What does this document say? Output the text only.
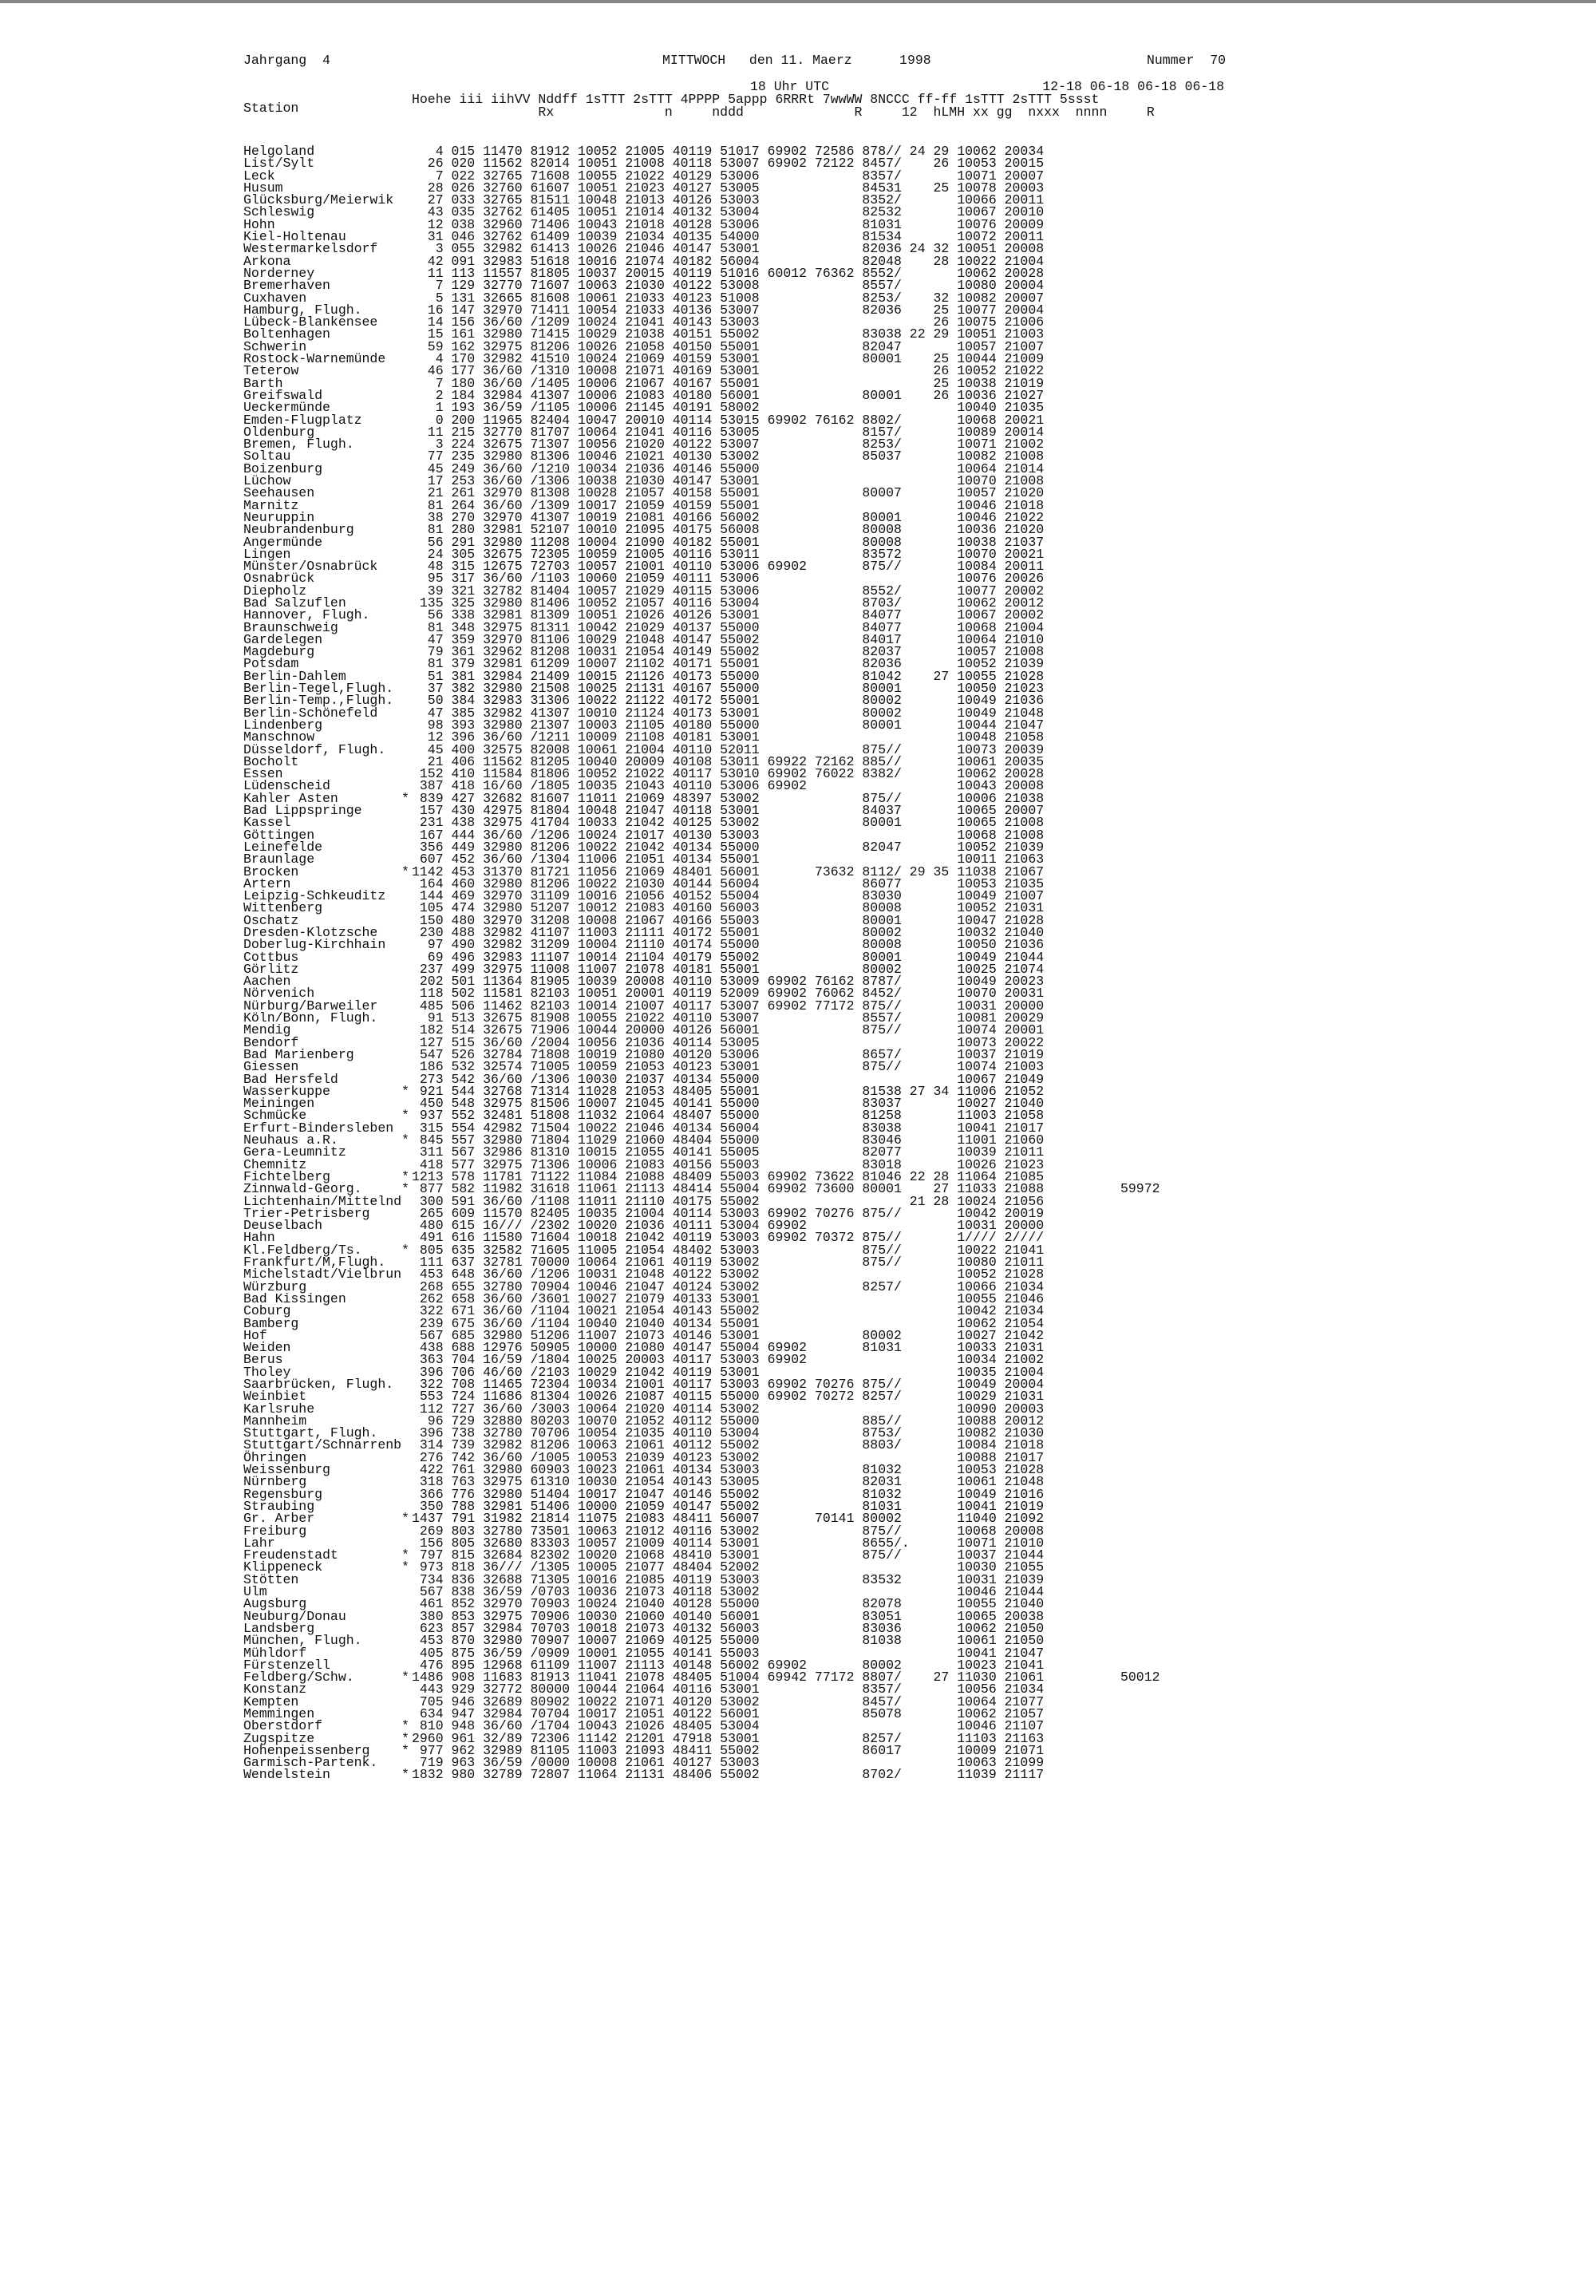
Jahrgang  4	MITTWOCH   den 11. Maerz      1998	Nummer  70
18 Uhr UTC                           12-18 06-18 06-18 06-18
Station
Hoehe iii iihVV Nddff 1sTTT 2sTTT 4PPPP 5appp 6RRRt 7wwWW 8NCCC ff-ff 1sTTT 2sTTT 5ssst
Rx              n     nddd              R     12  hLMH xx gg  nxxx  nnnn     R
Helgoland	4 015 11470 81912 10052 21005 40119 51017 69902 72586 878// 24 29 10062 20034
List/Sylt	26 020 11562 82014 10051 21008 40118 53007 69902 72122 8457/    26 10053 20015
Leck	7 022 32765 71608 10055 21022 40129 53006             8357/       10071 20007
Husum	28 026 32760 61607 10051 21023 40127 53005             84531    25 10078 20003
Glücksburg/Meierwik 27 033 32765 81511 10048 21013 40126 53003             8352/       10066 20011
Schleswig	43 035 32762 61405 10051 21014 40132 53004             82532       10067 20010
Hohn	12 038 32960 71406 10043 21018 40128 53006             81031       10076 20009
Kiel-Holtenau	31 046 32762 61409 10039 21034 40135 54000             81534       10072 20011
Westermarkelsdorf	3 055 32982 61413 10026 21046 40147 53001             82036 24 32 10051 20008
Arkona	42 091 32983 51618 10016 21074 40182 56004             82048    28 10022 21004
Norderney	11 113 11557 81805 10037 20015 40119 51016 60012 76362 8552/       10062 20028
Bremerhaven	7 129 32770 71607 10063 21030 40122 53008             8557/       10080 20004
Cuxhaven	5 131 32665 81608 10061 21033 40123 51008             8253/    32 10082 20007
Hamburg, Flugh.	16 147 32970 71411 10054 21033 40136 53007             82036    25 10077 20004
Lübeck-Blankensee	14 156 36/60 /1209 10024 21041 40143 53003                      26 10075 21006
Boltenhagen	15 161 32980 71415 10029 21038 40151 55002             83038 22 29 10051 21003
Schwerin	59 162 32975 81206 10026 21058 40150 55001             82047       10057 21007
Rostock-Warnemünde 4 170 32982 41510 10024 21069 40159 53001             80001    25 10044 21009
Teterow	46 177 36/60 /1310 10008 21071 40169 53001                      26 10052 21022
Barth	7 180 36/60 /1405 10006 21067 40167 55001                      25 10038 21019
Greifswald	2 184 32984 41307 10006 21083 40180 56001             80001    26 10036 21027
Ueckermünde	1 193 36/59 /1105 10006 21145 40191 58002                         10040 21035
Emden-Flugplatz	0 200 11965 82404 10047 20010 40114 53015 69902 76162 8802/       10068 20021
Oldenburg	11 215 32770 81707 10064 21041 40116 53005             8157/       10089 20014
Bremen, Flugh.	3 224 32675 71307 10056 21020 40122 53007             8253/       10071 21002
Soltau	77 235 32980 81306 10046 21021 40130 53002             85037       10082 21008
Boizenburg	45 249 36/60 /1210 10034 21036 40146 55000                         10064 21014
Lüchow	17 253 36/60 /1306 10038 21030 40147 53001                         10070 21008
Seehausen	21 261 32970 81308 10028 21057 40158 55001             80007       10057 21020
Marnitz	81 264 36/60 /1309 10017 21059 40159 55001                         10046 21018
Neuruppin	38 270 32970 41307 10019 21081 40166 56002             80001       10046 21022
Neubrandenburg	81 280 32981 52107 10010 21095 40175 56008             80008       10036 21020
Angermünde	56 291 32980 11208 10004 21090 40182 55001             80008       10038 21037
Lingen	24 305 32675 72305 10059 21005 40116 53011             83572       10070 20021
Münster/Osnabrück	48 315 12675 72703 10057 21001 40110 53006 69902       875//       10084 20011
Osnabrück	95 317 36/60 /1103 10060 21059 40111 53006                         10076 20026
Diepholz	39 321 32782 81404 10057 21029 40115 53006             8552/       10077 20002
Bad Salzuflen	135 325 32980 81406 10052 21057 40116 53004             8703/       10062 20012
Hannover, Flugh.	56 338 32981 81309 10051 21026 40126 53001             84077       10067 20002
Braunschweig	81 348 32975 81311 10042 21029 40137 55000             84077       10068 21004
Gardelegen	47 359 32970 81106 10029 21048 40147 55002             84017       10064 21010
Magdeburg	79 361 32962 81208 10031 21054 40149 55002             82037       10057 21008
Potsdam	81 379 32981 61209 10007 21102 40171 55001             82036       10052 21039
Berlin-Dahlem	51 381 32984 21409 10015 21126 40173 55000             81042    27 10055 21028
Berlin-Tegel,Flugh. 37 382 32980 21508 10025 21131 40167 55000             80001       10050 21023
Berlin-Temp.,Flugh. 50 384 32983 31306 10022 21122 40172 55001             80002       10049 21036
Berlin-Schönefeld	47 385 32982 41307 10010 21124 40173 53001             80002       10049 21048
Lindenberg	98 393 32980 21307 10003 21105 40180 55000             80001       10044 21047
Manschnow	12 396 36/60 /1211 10009 21108 40181 53001                         10048 21058
Düsseldorf, Flugh. 45 400 32575 82008 10061 21004 40110 52011             875//       10073 20039
Bocholt	21 406 11562 81205 10040 20009 40108 53011 69922 72162 885//       10061 20035
Essen	152 410 11584 81806 10052 21022 40117 53010 69902 76022 8382/       10062 20028
Lüdenscheid	387 418 16/60 /1805 10035 21043 40110 53006 69902                   10043 20008
Kahler Asten	* 839 427 32682 81607 11011 21069 48397 53002             875//       10006 21038
Bad Lippspringe	157 430 42975 81804 10048 21047 40118 53001             84037       10065 20007
Kassel	231 438 32975 41704 10033 21042 40125 53002             80001       10065 21008
Göttingen	167 444 36/60 /1206 10024 21017 40130 53003                         10068 21008
Leinefelde	356 449 32980 81206 10022 21042 40134 55000             82047       10052 21039
Braunlage	607 452 36/60 /1304 11006 21051 40134 55001                         10011 21063
Brocken	* 1142 453 31370 81721 11056 21069 48401 56001       73632 8112/ 29 35 11038 21067
Artern	164 460 32980 81206 10022 21030 40144 56004             86077       10053 21035
Leipzig-Schkeuditz 144 469 32970 31109 10016 21056 40152 55004             83030       10049 21007
Wittenberg	105 474 32980 51207 10012 21083 40160 56003             80008       10052 21031
Oschatz	150 480 32970 31208 10008 21067 40166 55003             80001       10047 21028
Dresden-Klotzsche	230 488 32982 41107 11003 21111 40172 55001             80002       10032 21040
Doberlug-Kirchhain 97 490 32982 31209 10004 21110 40174 55000             80008       10050 21036
Cottbus	69 496 32983 11107 10014 21104 40179 55002             80001       10049 21044
Görlitz	237 499 32975 11008 11007 21078 40181 55001             80002       10025 21074
Aachen	202 501 11364 81905 10039 20008 40110 53009 69902 76162 8787/       10049 20023
Nörvenich	118 502 11581 82103 10051 20001 40119 52009 69902 76062 8452/       10070 20031
Nürburg/Barweiler	485 506 11462 82103 10014 21007 40117 53007 69902 77172 875//       10031 20000
Köln/Bonn, Flugh.	91 513 32675 81908 10055 21022 40110 53007             8557/       10081 20029
Mendig	182 514 32675 71906 10044 20000 40126 56001             875//       10074 20001
Bendorf	127 515 36/60 /2004 10056 21036 40114 53005                         10073 20022
Bad Marienberg	547 526 32784 71808 10019 21080 40120 53006             8657/       10037 21019
Giessen	186 532 32574 71005 10059 21053 40123 53001             875//       10074 21003
Bad Hersfeld	273 542 36/60 /1306 10030 21037 40134 55000                         10067 21049
Wasserkuppe	* 921 544 32768 71314 11028 21053 48405 55001             81538 27 34 11006 21052
Meiningen	450 548 32975 81506 10007 21045 40141 55000             83037       10027 21040
Schmücke	* 937 552 32481 51808 11032 21064 48407 55000             81258       11003 21058
Erfurt-Bindersleben 315 554 42982 71504 10022 21046 40134 56004             83038       10041 21017
Neuhaus a.R.	* 845 557 32980 71804 11029 21060 48404 55000             83046       11001 21060
Gera-Leumnitz	311 567 32986 81310 10015 21055 40141 55005             82077       10039 21011
Chemnitz	418 577 32975 71306 10006 21083 40156 55003             83018       10026 21023
Fichtelberg	* 1213 578 11781 71122 11084 21088 48409 55003 69902 73622 81046 22 28 11064 21085
Zinnwald-Georg.	* 877 582 11982 31618 11061 21113 48414 55004 69902 73600 80001    27 11033 21088	59972
Lichtenhain/Mittelnd 300 591 36/60 /1108 11011 21110 40175 55002                   21 28 10024 21056
Trier-Petrisberg	265 609 11570 82405 10035 21004 40114 53003 69902 70276 875//       10042 20019
Deuselbach	480 615 16/// /2302 10020 21036 40111 53004 69902                   10031 20000
Hahn	491 616 11580 71604 10018 21042 40119 53003 69902 70372 875//       1//// 2////
Kl.Feldberg/Ts.	* 805 635 32582 71605 11005 21054 48402 53003             875//       10022 21041
Frankfurt/M,Flugh. 111 637 32781 70000 10064 21061 40119 53002             875//       10080 21011
Michelstadt/Vielbrun 453 648 36/60 /1206 10031 21048 40122 53002                         10052 21028
Würzburg	268 655 32780 70904 10046 21047 40124 53002             8257/       10066 21034
Bad Kissingen	262 658 36/60 /3601 10027 21079 40133 53001                         10055 21046
Coburg	322 671 36/60 /1104 10021 21054 40143 55002                         10042 21034
Bamberg	239 675 36/60 /1104 10040 21040 40134 55001                         10062 21054
Hof	567 685 32980 51206 11007 21073 40146 53001             80002       10027 21042
Weiden	438 688 12976 50905 10000 21080 40147 55004 69902       81031       10033 21031
Berus	363 704 16/59 /1804 10025 20003 40117 53003 69902                   10034 21002
Tholey	396 706 46/60 /2103 10029 21042 40119 53001                         10035 21004
Saarbrücken, Flugh. 322 708 11465 72304 10034 21001 40117 53003 69902 70276 875//       10049 20004
Weinbiet	553 724 11686 81304 10026 21087 40115 55000 69902 70272 8257/       10029 21031
Karlsruhe	112 727 36/60 /3003 10064 21020 40114 53002                         10090 20003
Mannheim	96 729 32880 80203 10070 21052 40112 55000             885//       10088 20012
Stuttgart, Flugh.	396 738 32780 70706 10054 21035 40110 53004             8753/       10082 21030
Stuttgart/Schnarrenb 314 739 32982 81206 10063 21061 40112 55002             8803/       10084 21018
Öhringen	276 742 36/60 /1005 10053 21039 40123 53002                         10088 21017
Weissenburg	422 761 32980 60903 10023 21061 40134 53003             81032       10053 21028
Nürnberg	318 763 32975 61310 10030 21054 40143 53005             82031       10061 21048
Regensburg	366 776 32980 51404 10017 21047 40146 55002             81032       10049 21016
Straubing	350 788 32981 51406 10000 21059 40147 55002             81031       10041 21019
Gr. Arber	* 1437 791 31982 21814 11075 21083 48411 56007       70141 80002       11040 21092
Freiburg	269 803 32780 73501 10063 21012 40116 53002             875//       10068 20008
Lahr	156 805 32680 83303 10057 21009 40114 53001             8655/.      10071 21010
Freudenstadt	* 797 815 32684 82302 10020 21068 48410 53001             875//       10037 21044
Klippeneck	* 973 818 36/// /1305 10005 21077 48404 52002                         10030 21055
Stötten	734 836 32688 71305 10016 21085 40119 53003             83532       10031 21039
Ulm	567 838 36/59 /0703 10036 21073 40118 53002                         10046 21044
Augsburg	461 852 32970 70903 10024 21040 40128 55000             82078       10055 21040
Neuburg/Donau	380 853 32975 70906 10030 21060 40140 56001             83051       10065 20038
Landsberg	623 857 32984 70703 10018 21073 40132 56003             83036       10062 21050
München, Flugh.	453 870 32980 70907 10007 21069 40125 55000             81038       10061 21050
Mühldorf	405 875 36/59 /0909 10001 21055 40141 55003                         10041 21047
Fürstenzell	476 895 12968 61109 11007 21113 40148 56002 69902       80002       10023 21041
Feldberg/Schw.	* 1486 908 11683 81913 11041 21078 48405 51004 69942 77172 8807/    27 11030 21061	50012
Konstanz	443 929 32772 80000 10044 21064 40116 53001             8357/       10056 21034
Kempten	705 946 32689 80902 10022 21071 40120 53002             8457/       10064 21077
Memmingen	634 947 32984 70704 10017 21051 40122 56001             85078       10062 21057
Oberstdorf	* 810 948 36/60 /1704 10043 21026 48405 53004                         10046 21107
Zugspitze	* 2960 961 32/89 72306 11142 21201 47918 53001             8257/       11103 21163
Hohenpeissenberg * 977 962 32989 81105 11003 21093 48411 55002             86017       10009 21071
Garmisch-Partenk.	719 963 36/59 /0000 10008 21061 40127 53003                         10063 21099
Wendelstein	* 1832 980 32789 72807 11064 21131 48406 55002             8702/       11039 21117
